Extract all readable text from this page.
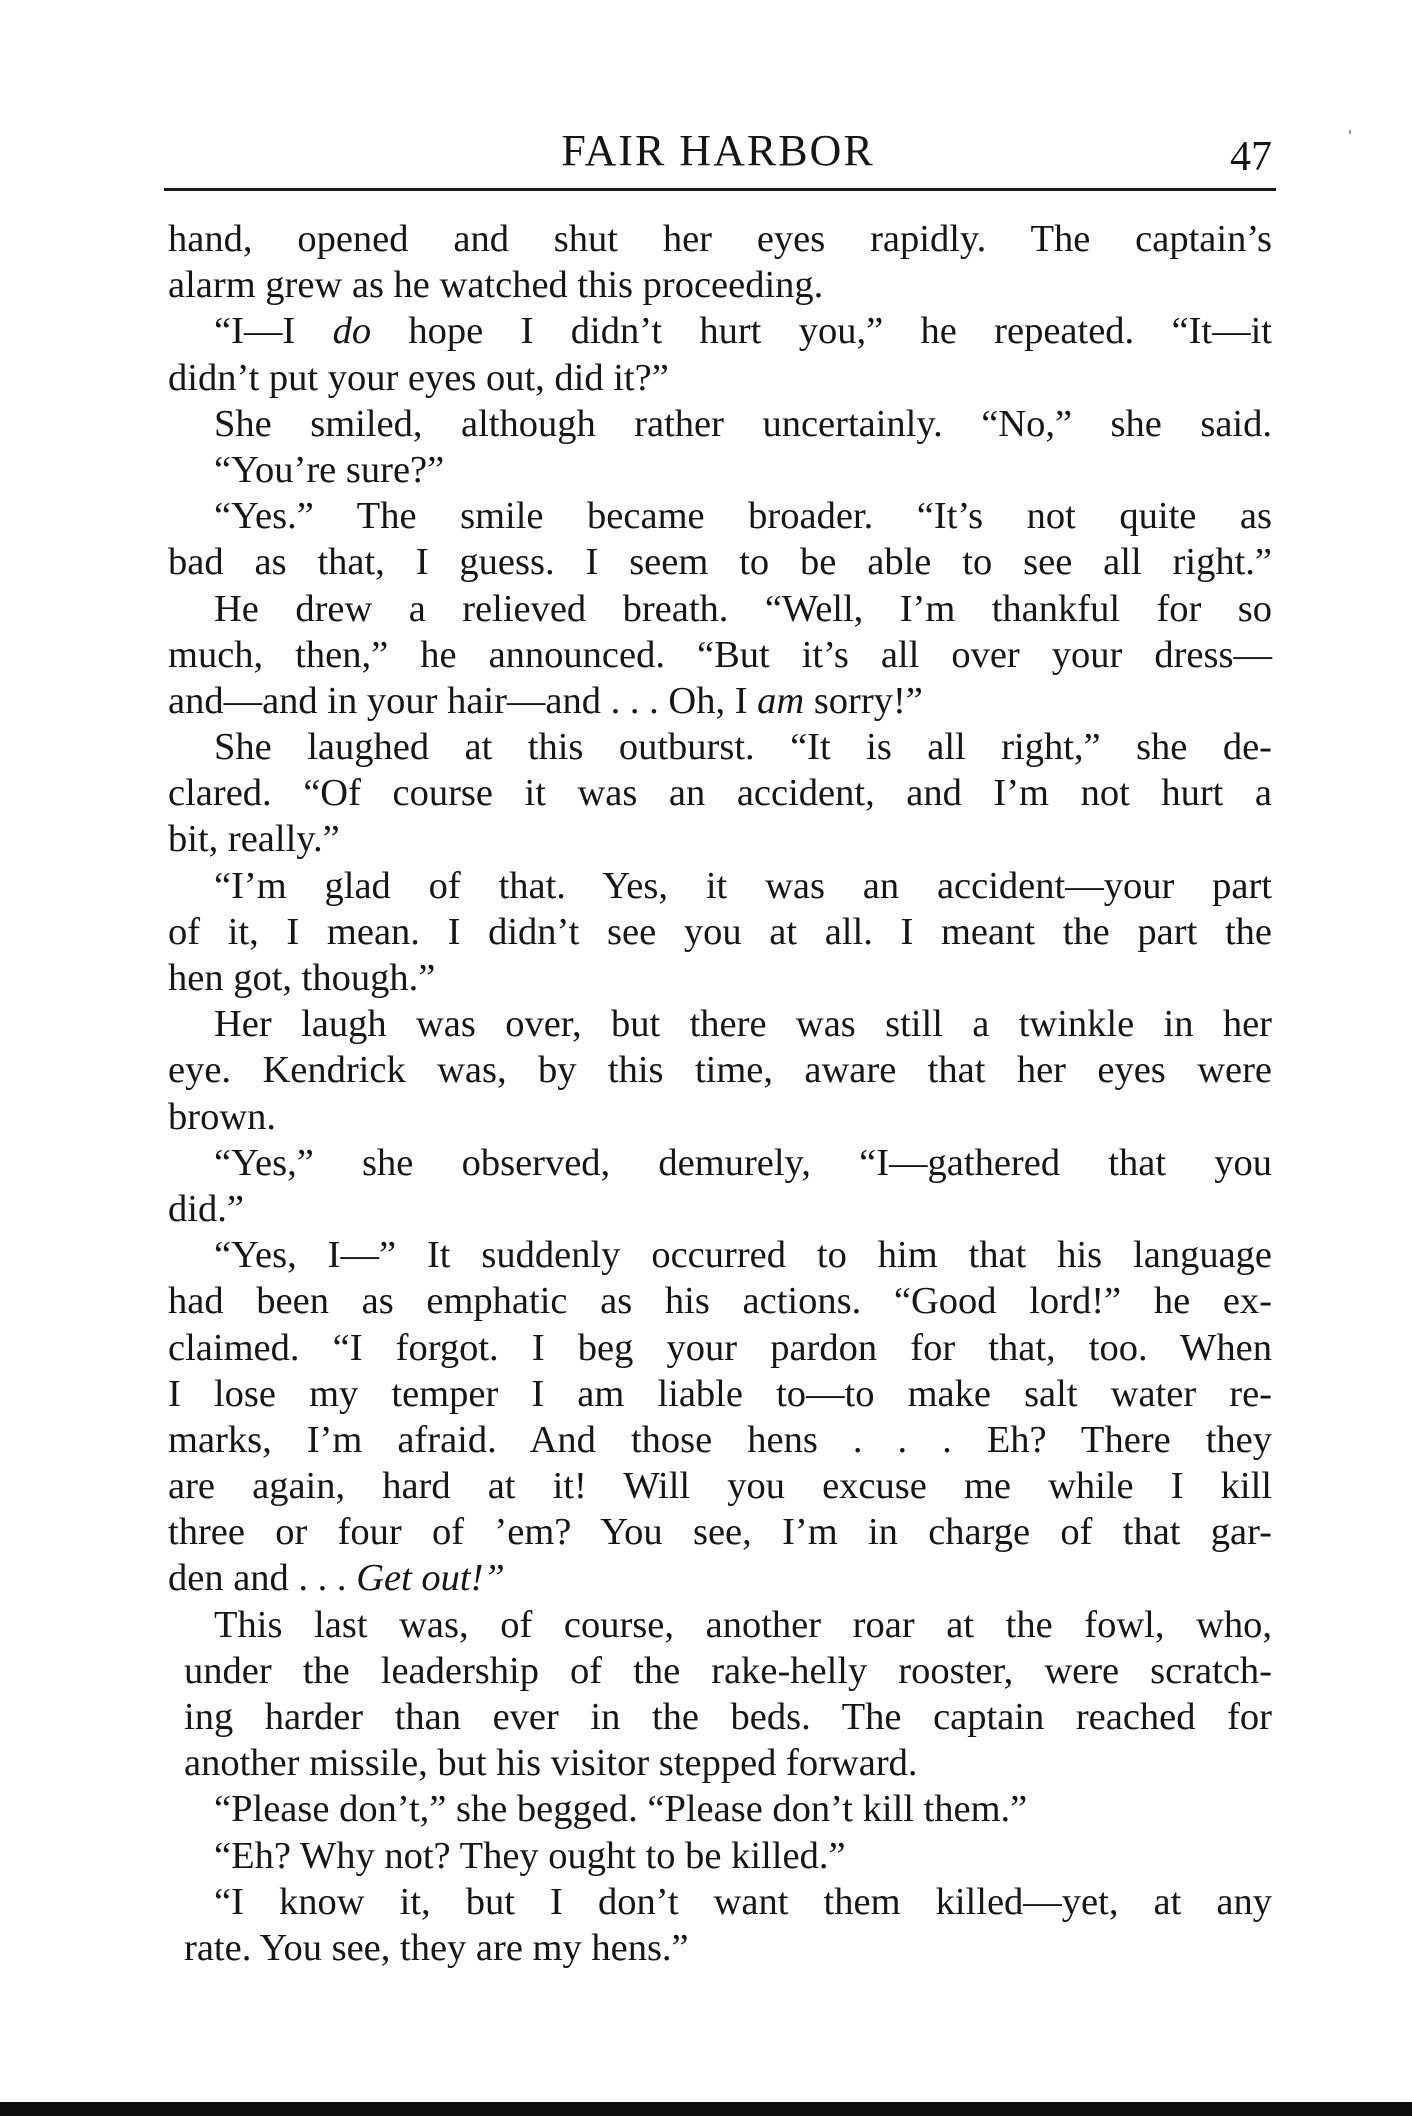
FAIR HARBOR	47
hand, opened and shut her eyes rapidly. The captain’s
alarm grew as he watched this proceeding.
“I—I do hope I didn’t hurt you,” he repeated. “It—it
didn’t put your eyes out, did it?”
She smiled, although rather uncertainly. “No,” she said.
“You’re sure?”
“Yes.” The smile became broader. “It’s not quite as
bad as that, I guess. I seem to be able to see all right.”
He drew a relieved breath. “Well, I’m thankful for so
much, then,” he announced. “But it’s all over your dress—
and—and in your hair—and . . . Oh, I am sorry!”
She laughed at this outburst. “It is all right,” she de-
clared. “Of course it was an accident, and I’m not hurt a
bit, really.”
“I’m glad of that. Yes, it was an accident—your part
of it, I mean. I didn’t see you at all. I meant the part the
hen got, though.”
Her laugh was over, but there was still a twinkle in her
eye. Kendrick was, by this time, aware that her eyes were
brown.
“Yes,” she observed, demurely, “I—gathered that you
did.”
“Yes, I—” It suddenly occurred to him that his language
had been as emphatic as his actions. “Good lord!” he ex-
claimed. “I forgot. I beg your pardon for that, too. When
I lose my temper I am liable to—to make salt water re-
marks, I’m afraid. And those hens . . . Eh? There they
are again, hard at it! Will you excuse me while I kill
three or four of ’em? You see, I’m in charge of that gar-
den and . . . Get out!”
This last was, of course, another roar at the fowl, who,
under the leadership of the rake-helly rooster, were scratch-
ing harder than ever in the beds. The captain reached for
another missile, but his visitor stepped forward.
“Please don’t,” she begged. “Please don’t kill them.”
“Eh? Why not? They ought to be killed.”
“I know it, but I don’t want them killed—yet, at any
rate. You see, they are my hens.”
